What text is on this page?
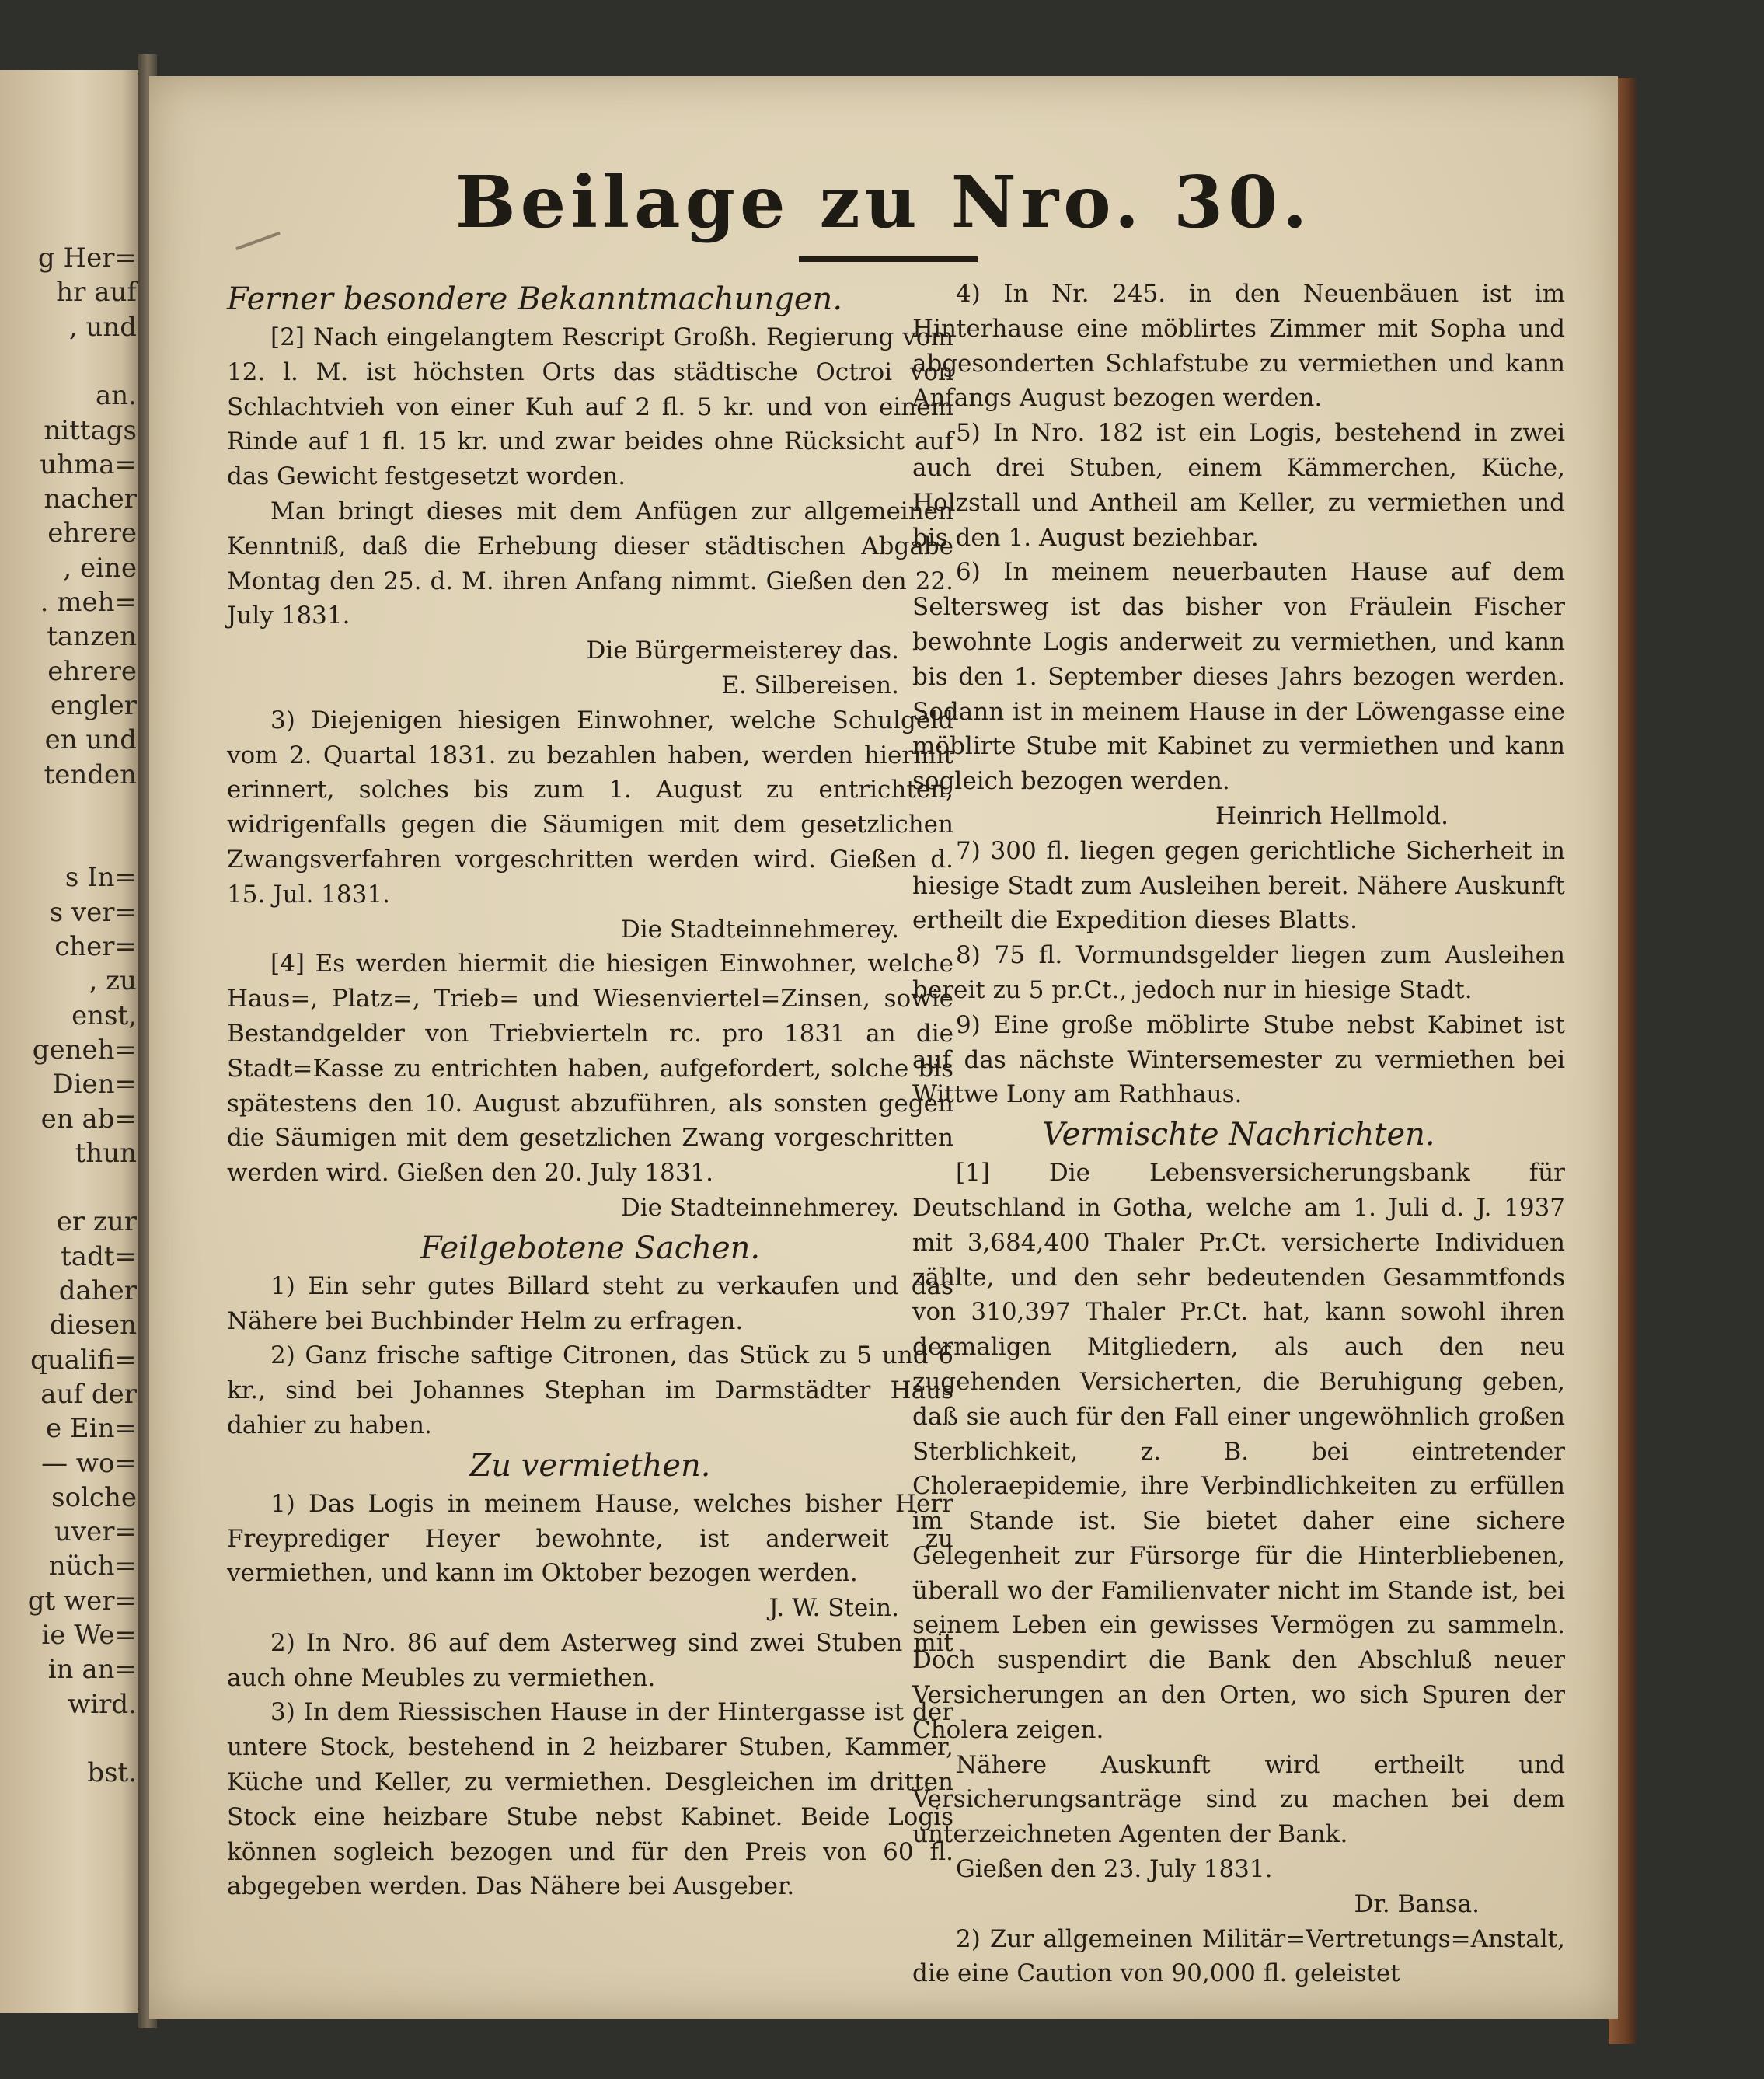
g Her=
hr auf
, und
an.
nittags
uhma=
nacher
ehrere
, eine
. meh=
tanzen
ehrere
engler
en und
tenden
s In=
s ver=
cher=
, zu
enst,
geneh=
Dien=
en ab=
thun
er zur
tadt=
daher
diesen
qualifi=
auf der
e Ein=
— wo=
solche
uver=
nüch=
gt wer=
ie We=
in an=
wird.
bst.
Beilage zu Nro. 30.
Ferner besondere Bekanntmachungen.

[2] Nach eingelangtem Rescript Großh. Regierung vom 12. l. M. ist höchsten Orts das städtische Octroi von Schlachtvieh von einer Kuh auf 2 fl. 5 kr. und von einem Rinde auf 1 fl. 15 kr. und zwar beides ohne Rücksicht auf das Gewicht festgesetzt worden.

Man bringt dieses mit dem Anfügen zur allgemeinen Kenntniß, daß die Erhebung dieser städtischen Abgabe Montag den 25. d. M. ihren Anfang nimmt. Gießen den 22. July 1831.

Die Bürgermeisterey das.

E. Silbereisen.

3) Diejenigen hiesigen Einwohner, welche Schulgeld vom 2. Quartal 1831. zu bezahlen haben, werden hiermit erinnert, solches bis zum 1. August zu entrichten, widrigenfalls gegen die Säumigen mit dem gesetzlichen Zwangsverfahren vorgeschritten werden wird. Gießen d. 15. Jul. 1831.

Die Stadteinnehmerey.

[4] Es werden hiermit die hiesigen Einwohner, welche Haus=, Platz=, Trieb= und Wiesenviertel=Zinsen, sowie Bestandgelder von Triebvierteln rc. pro 1831 an die Stadt=Kasse zu entrichten haben, aufgefordert, solche bis spätestens den 10. August abzuführen, als sonsten gegen die Säumigen mit dem gesetzlichen Zwang vorgeschritten werden wird. Gießen den 20. July 1831.

Die Stadteinnehmerey.

Feilgebotene Sachen.

1) Ein sehr gutes Billard steht zu verkaufen und das Nähere bei Buchbinder Helm zu erfragen.

2) Ganz frische saftige Citronen, das Stück zu 5 und 6 kr., sind bei Johannes Stephan im Darmstädter Haus dahier zu haben.

Zu vermiethen.

1) Das Logis in meinem Hause, welches bisher Herr Freyprediger Heyer bewohnte, ist anderweit zu vermiethen, und kann im Oktober bezogen werden.

J. W. Stein.

2) In Nro. 86 auf dem Asterweg sind zwei Stuben mit auch ohne Meubles zu vermiethen.

3) In dem Riessischen Hause in der Hintergasse ist der untere Stock, bestehend in 2 heizbarer Stuben, Kammer, Küche und Keller, zu vermiethen. Desgleichen im dritten Stock eine heizbare Stube nebst Kabinet. Beide Logis können sogleich bezogen und für den Preis von 60 fl. abgegeben werden. Das Nähere bei Ausgeber.

4) In Nr. 245. in den Neuenbäuen ist im Hinterhause eine möblirtes Zimmer mit Sopha und abgesonderten Schlafstube zu vermiethen und kann Anfangs August bezogen werden.

5) In Nro. 182 ist ein Logis, bestehend in zwei auch drei Stuben, einem Kämmerchen, Küche, Holzstall und Antheil am Keller, zu vermiethen und bis den 1. August beziehbar.

6) In meinem neuerbauten Hause auf dem Seltersweg ist das bisher von Fräulein Fischer bewohnte Logis anderweit zu vermiethen, und kann bis den 1. September dieses Jahrs bezogen werden. Sodann ist in meinem Hause in der Löwengasse eine möblirte Stube mit Kabinet zu vermiethen und kann sogleich bezogen werden.

Heinrich Hellmold.

7) 300 fl. liegen gegen gerichtliche Sicherheit in hiesige Stadt zum Ausleihen bereit. Nähere Auskunft ertheilt die Expedition dieses Blatts.

8) 75 fl. Vormundsgelder liegen zum Ausleihen bereit zu 5 pr.Ct., jedoch nur in hiesige Stadt.

9) Eine große möblirte Stube nebst Kabinet ist auf das nächste Wintersemester zu vermiethen bei Wittwe Lony am Rathhaus.

Vermischte Nachrichten.

[1] Die Lebensversicherungsbank für Deutschland in Gotha, welche am 1. Juli d. J. 1937 mit 3,684,400 Thaler Pr.Ct. versicherte Individuen zählte, und den sehr bedeutenden Gesammtfonds von 310,397 Thaler Pr.Ct. hat, kann sowohl ihren dermaligen Mitgliedern, als auch den neu zugehenden Versicherten, die Beruhigung geben, daß sie auch für den Fall einer ungewöhnlich großen Sterblichkeit, z. B. bei eintretender Choleraepidemie, ihre Verbindlichkeiten zu erfüllen im Stande ist. Sie bietet daher eine sichere Gelegenheit zur Fürsorge für die Hinterbliebenen, überall wo der Familienvater nicht im Stande ist, bei seinem Leben ein gewisses Vermögen zu sammeln. Doch suspendirt die Bank den Abschluß neuer Versicherungen an den Orten, wo sich Spuren der Cholera zeigen.

Nähere Auskunft wird ertheilt und Versicherungsanträge sind zu machen bei dem unterzeichneten Agenten der Bank.

Gießen den 23. July 1831.

Dr. Bansa.

2) Zur allgemeinen Militär=Vertretungs=Anstalt, die eine Caution von 90,000 fl. geleistet
